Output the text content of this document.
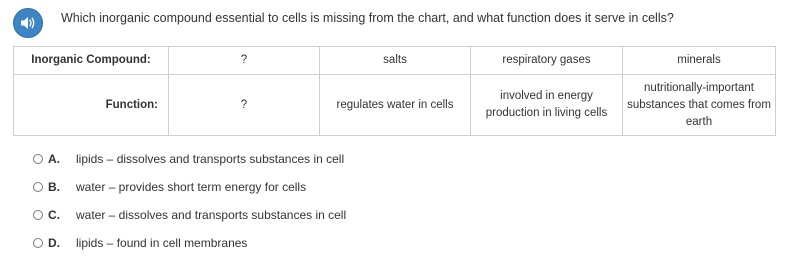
Which inorganic compound essential to cells is missing from the chart, and what function does it serve in cells?
Inorganic Compound:	?	salts	respiratory gases	minerals
Function:	?	regulates water in cells	involved in energy production in living cells	nutritionally-important substances that comes from earth
A.	lipids – dissolves and transports substances in cell
B.	water – provides short term energy for cells
C.	water – dissolves and transports substances in cell
D.	lipids – found in cell membranes
